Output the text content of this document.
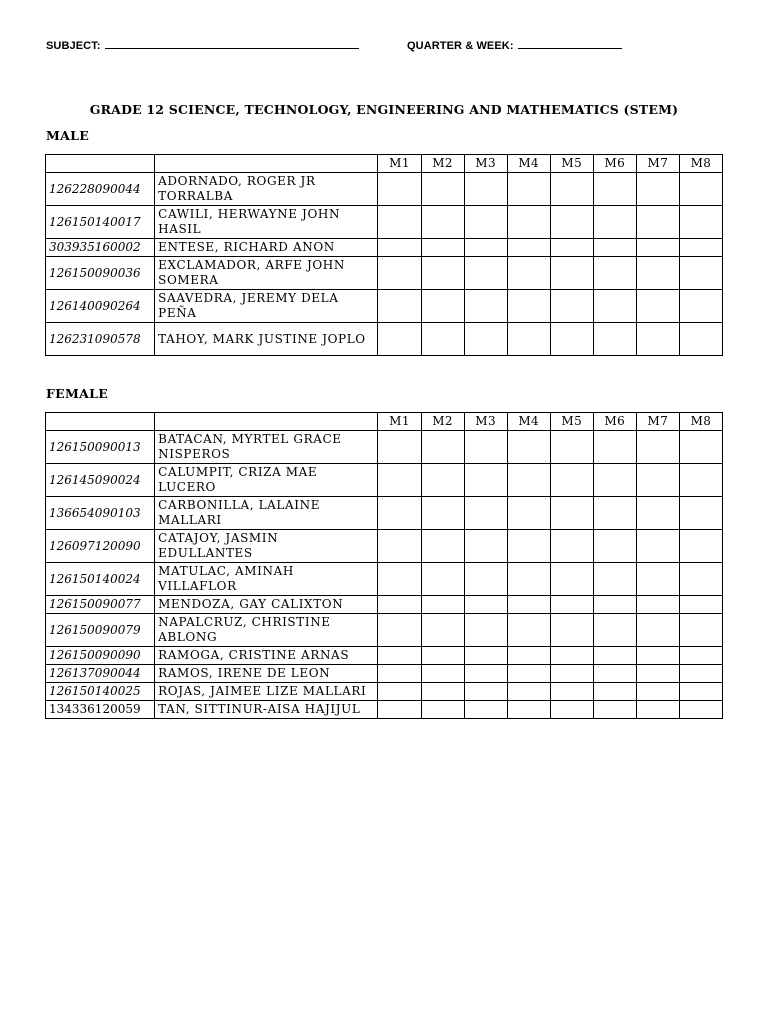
SUBJECT:	QUARTER & WEEK:
GRADE 12 SCIENCE, TECHNOLOGY, ENGINEERING AND MATHEMATICS (STEM)
MALE
		M1	M2	M3	M4	M5	M6	M7	M8
126228090044	ADORNADO, ROGER JR TORRALBA								
126150140017	CAWILI, HERWAYNE JOHN HASIL								
303935160002	ENTESE, RICHARD ANON								
126150090036	EXCLAMADOR, ARFE JOHN SOMERA								
126140090264	SAAVEDRA, JEREMY DELA PEÑA								
126231090578	TAHOY, MARK JUSTINE JOPLO								
FEMALE
		M1	M2	M3	M4	M5	M6	M7	M8
126150090013	BATACAN, MYRTEL GRACE NISPEROS								
126145090024	CALUMPIT, CRIZA MAE LUCERO								
136654090103	CARBONILLA, LALAINE MALLARI								
126097120090	CATAJOY, JASMIN EDULLANTES								
126150140024	MATULAC, AMINAH VILLAFLOR								
126150090077	MENDOZA, GAY CALIXTON								
126150090079	NAPALCRUZ, CHRISTINE ABLONG								
126150090090	RAMOGA, CRISTINE ARNAS								
126137090044	RAMOS, IRENE DE LEON								
126150140025	ROJAS, JAIMEE LIZE MALLARI								
134336120059	TAN, SITTINUR-AISA HAJIJUL								
